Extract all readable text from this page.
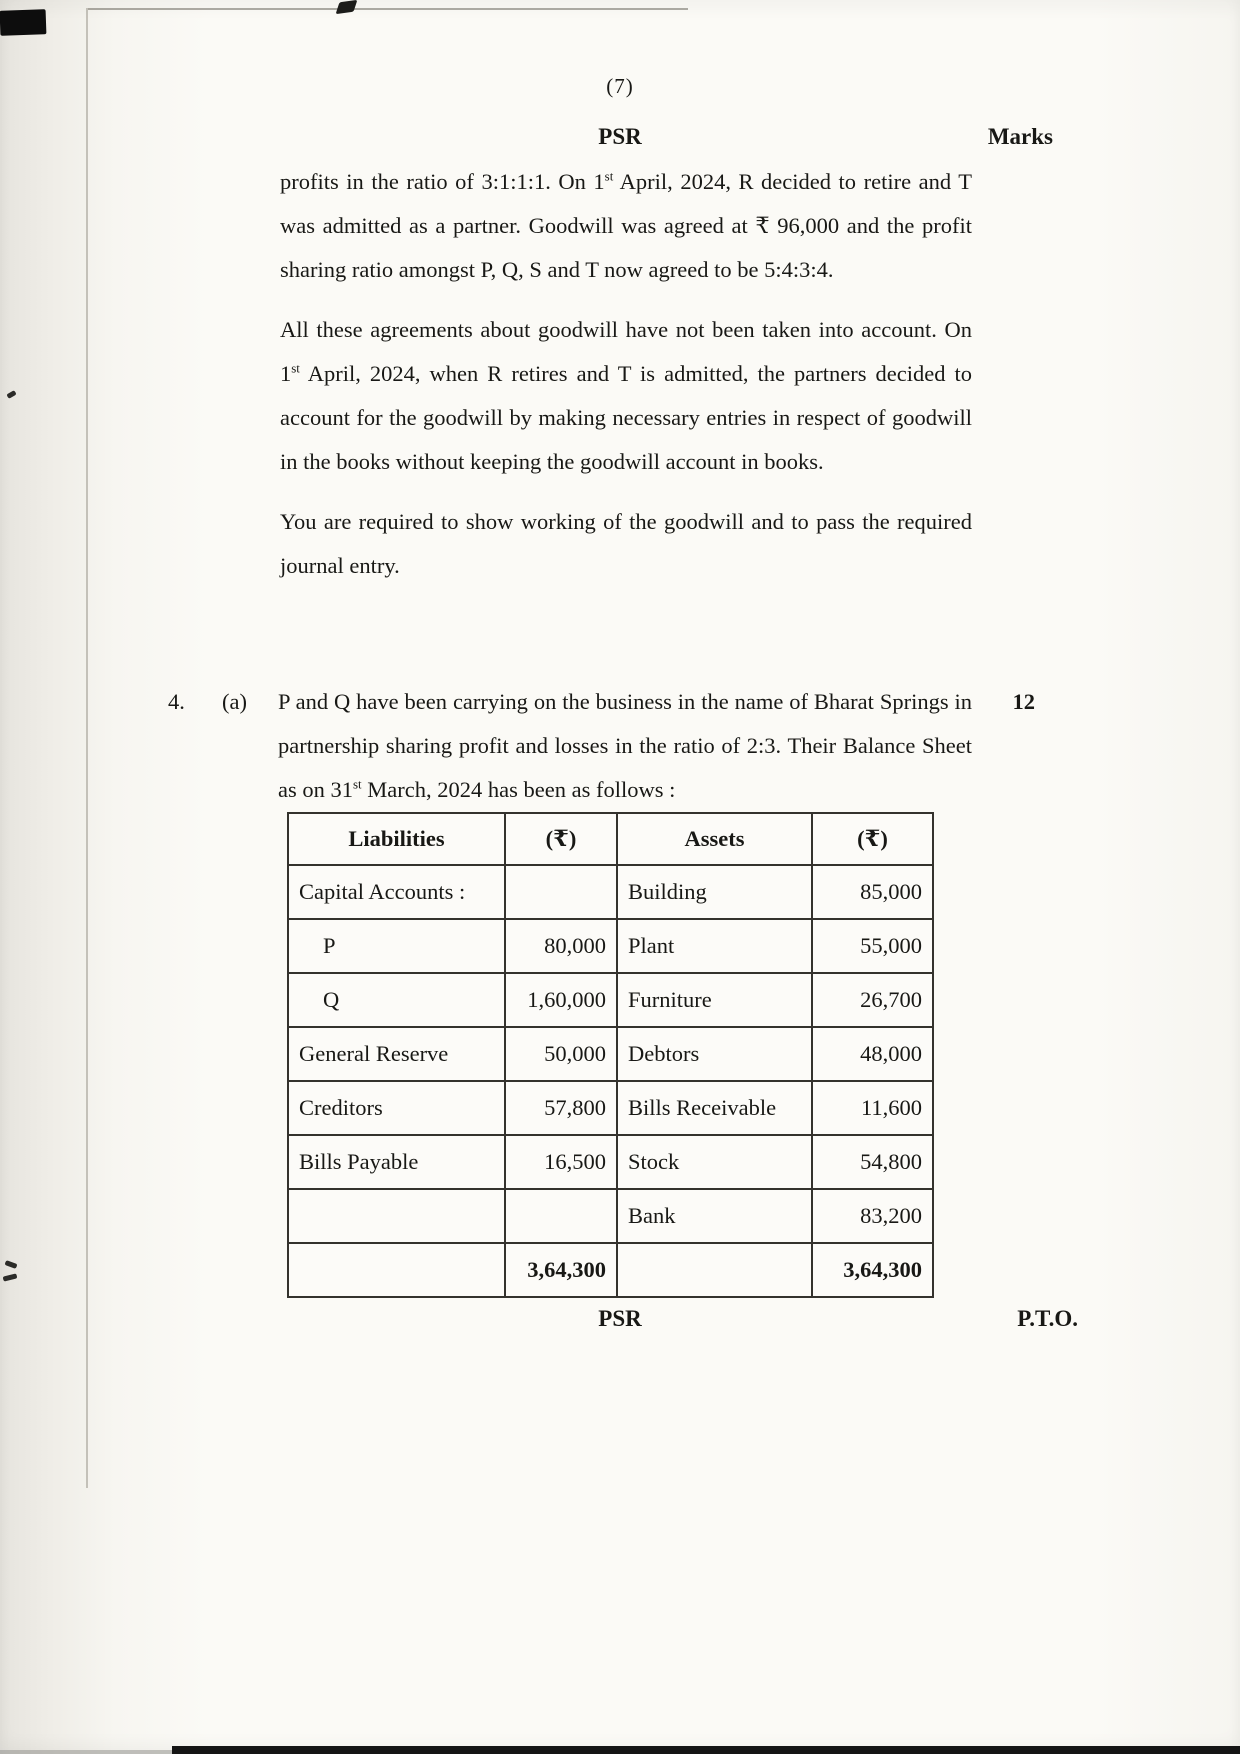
(7)
PSR	Marks

profits in the ratio of 3:1:1:1. On 1st April, 2024, R decided to retire and T was admitted as a partner. Goodwill was agreed at ₹ 96,000 and the profit sharing ratio amongst P, Q, S and T now agreed to be 5:4:3:4.

All these agreements about goodwill have not been taken into account. On 1st April, 2024, when R retires and T is admitted, the partners decided to account for the goodwill by making necessary entries in respect of goodwill in the books without keeping the goodwill account in books.

You are required to show working of the goodwill and to pass the required journal entry.

4.	(a)	P and Q have been carrying on the business in the name of Bharat Springs in partnership sharing profit and losses in the ratio of 2:3. Their Balance Sheet as on 31st March, 2024 has been as follows :

12
Liabilities	(₹)	Assets	(₹)
Capital Accounts :		Building	85,000
P	80,000	Plant	55,000
Q	1,60,000	Furniture	26,700
General Reserve	50,000	Debtors	48,000
Creditors	57,800	Bills Receivable	11,600
Bills Payable	16,500	Stock	54,800
		Bank	83,200
	3,64,300		3,64,300
PSR	P.T.O.
